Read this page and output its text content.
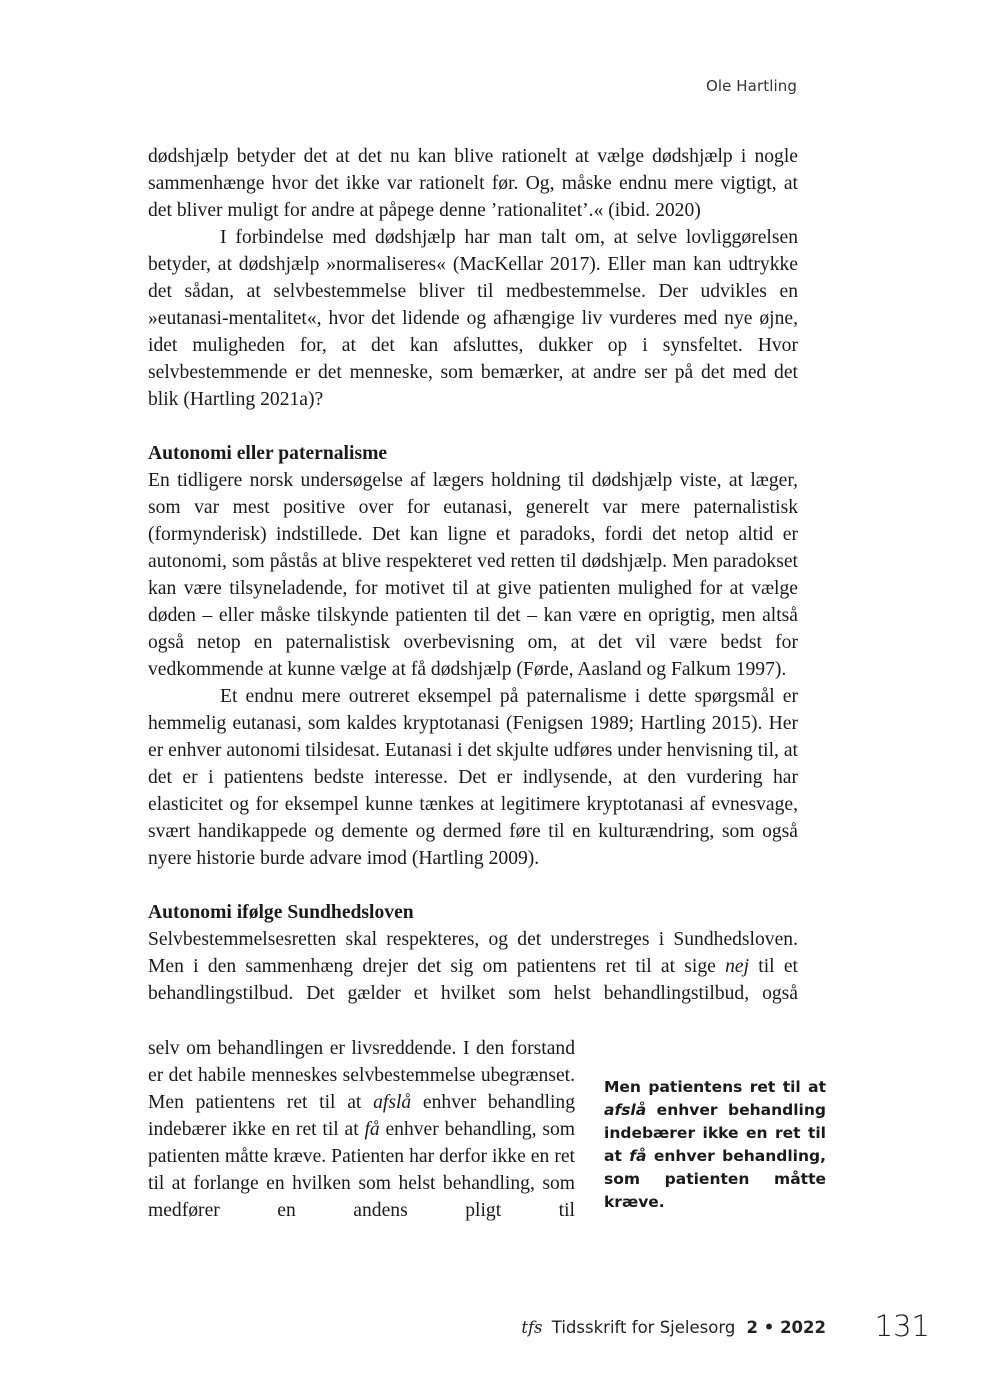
Ole Hartling

dødshjælp betyder det at det nu kan blive rationelt at vælge dødshjælp i nogle sammenhænge hvor det ikke var rationelt før. Og, måske endnu mere vigtigt, at det bliver muligt for andre at påpege denne ’rationalitet’.« (ibid. 2020)

I forbindelse med dødshjælp har man talt om, at selve lovliggørelsen betyder, at dødshjælp »normaliseres« (MacKellar 2017). Eller man kan udtrykke det sådan, at selvbestemmelse bliver til medbestemmelse. Der udvikles en »eutanasi-mentalitet«, hvor det lidende og afhængige liv vurderes med nye øjne, idet muligheden for, at det kan afsluttes, dukker op i synsfeltet. Hvor selvbestemmende er det menneske, som bemærker, at andre ser på det med det blik (Hartling 2021a)?

Autonomi eller paternalisme

En tidligere norsk undersøgelse af lægers holdning til dødshjælp viste, at læger, som var mest positive over for eutanasi, generelt var mere paternalistisk (formynderisk) indstillede. Det kan ligne et paradoks, fordi det netop altid er autonomi, som påstås at blive respekteret ved retten til dødshjælp. Men paradokset kan være tilsyneladende, for motivet til at give patienten mulighed for at vælge døden – eller måske tilskynde patienten til det – kan være en oprigtig, men altså også netop en paternalistisk overbevisning om, at det vil være bedst for vedkommende at kunne vælge at få dødshjælp (Førde, Aasland og Falkum 1997).

Et endnu mere outreret eksempel på paternalisme i dette spørgsmål er hemmelig eutanasi, som kaldes kryptotanasi (Fenigsen 1989; Hartling 2015). Her er enhver autonomi tilsidesat. Eutanasi i det skjulte udføres under henvisning til, at det er i patientens bedste interesse. Det er indlysende, at den vurdering har elasticitet og for eksempel kunne tænkes at legitimere kryptotanasi af evnesvage, svært handikappede og demente og dermed føre til en kulturændring, som også nyere historie burde advare imod (Hartling 2009).

Autonomi ifølge Sundhedsloven

Selvbestemmelsesretten skal respekteres, og det understreges i Sundhedsloven. Men i den sammenhæng drejer det sig om patientens ret til at sige nej til et behandlingstilbud. Det gælder et hvilket som helst behandlingstilbud, også

selv om behandlingen er livsreddende. I den forstand er det habile menneskes selvbestemmelse ubegrænset. Men patientens ret til at afslå enhver behandling indebærer ikke en ret til at få enhver behandling, som patienten måtte kræve. Patienten har derfor ikke en ret til at forlange en hvilken som helst behandling, som medfører en andens pligt til
Men patientens ret til at afslå enhver behandling indebærer ikke en ret til at få enhver behandling, som patienten måtte kræve.
tfs Tidsskrift for Sjelesorg 2 • 2022 131
